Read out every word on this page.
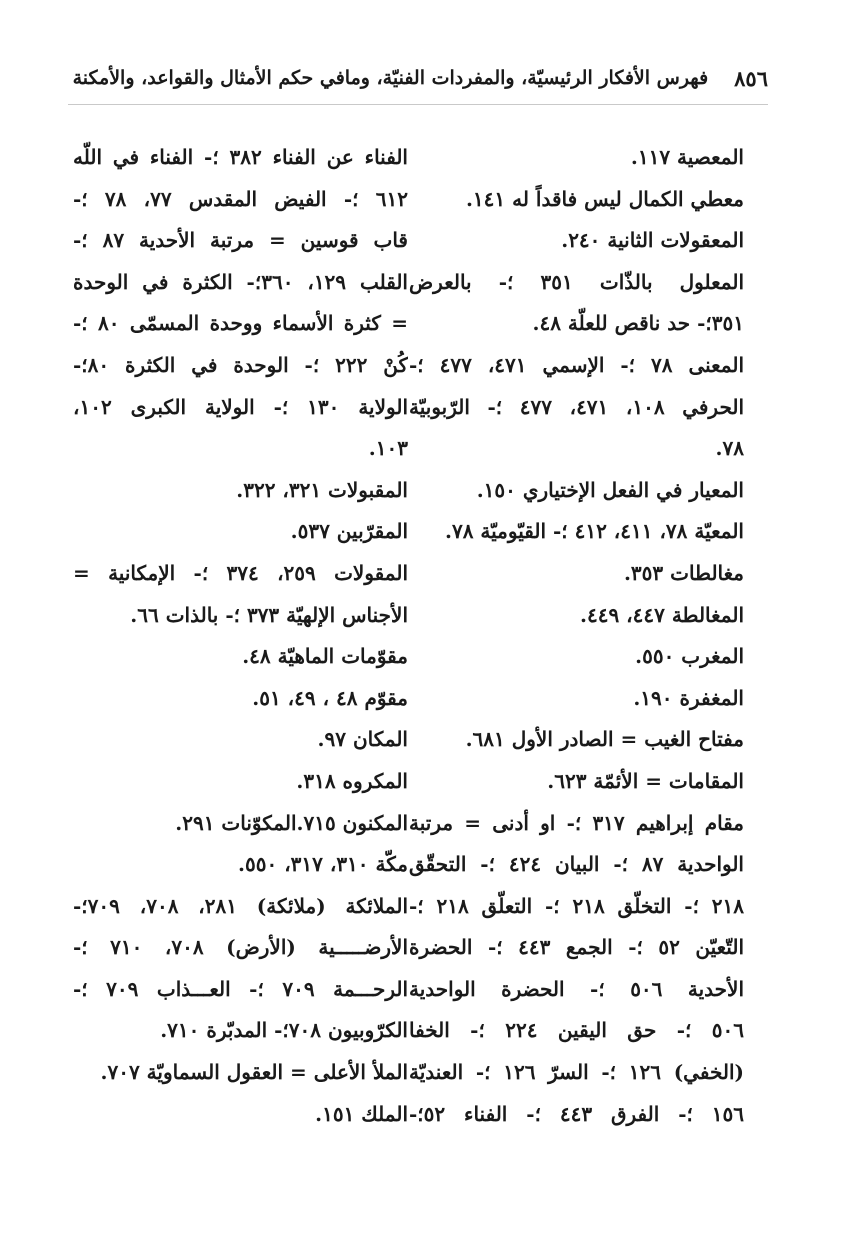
٨٥٦
فهرس الأفكار الرئيسيّة، والمفردات الفنيّة، ومافي حكم الأمثال والقواعد، والأمكنة
المعصية ١١٧.
معطي الكمال ليس فاقداً له ١٤١.
المعقولات الثانية ٢٤٠.
المعلول بالذّات ٣٥١ ؛- بالعرض
٣٥١؛- حد ناقص للعلّة ٤٨.
المعنى ٧٨ ؛- الإسمي ٤٧١، ٤٧٧ ؛-
الحرفي ١٠٨، ٤٧١، ٤٧٧ ؛- الرّبوبيّة
٧٨.
المعيار في الفعل الإختياري ١٥٠.
المعيّة ٧٨، ٤١١، ٤١٢ ؛- القيّوميّة ٧٨.
مغالطات ٣٥٣.
المغالطة ٤٤٧، ٤٤٩.
المغرب ٥٥٠.
المغفرة ١٩٠.
مفتاح الغيب = الصادر الأول ٦٨١.
المقامات = الأئمّة ٦٢٣.
مقام إبراهيم ٣١٧ ؛- او أدنى = مرتبة
الواحدية ٨٧ ؛- البيان ٤٢٤ ؛- التحقّق
٢١٨ ؛- التخلّق ٢١٨ ؛- التعلّق ٢١٨ ؛-
التّعيّن ٥٢ ؛- الجمع ٤٤٣ ؛- الحضرة
الأحدية ٥٠٦ ؛- الحضرة الواحدية
٥٠٦ ؛- حق اليقين ٢٢٤ ؛- الخفا
(الخفي) ١٢٦ ؛- السرّ ١٢٦ ؛- العنديّة
١٥٦ ؛- الفرق ٤٤٣ ؛- الفناء ٥٢؛-
الفناء عن الفناء ٣٨٢ ؛- الفناء في اللّه
٦١٢ ؛- الفيض المقدس ٧٧، ٧٨ ؛-
قاب قوسين = مرتبة الأحدية ٨٧ ؛-
القلب ١٢٩، ٣٦٠؛- الكثرة في الوحدة
= كثرة الأسماء ووحدة المسمّى ٨٠ ؛-
كُنْ ٢٢٢ ؛- الوحدة في الكثرة ٨٠؛-
الولاية ١٣٠ ؛- الولاية الكبرى ١٠٢،
١٠٣.
المقبولات ٣٢١، ٣٢٢.
المقرّبين ٥٣٧.
المقولات ٢٥٩، ٣٧٤ ؛- الإمكانية =
الأجناس الإلهيّة ٣٧٣ ؛- بالذات ٦٦.
مقوّمات الماهيّة ٤٨.
مقوّم ٤٨ ، ٤٩، ٥١.
المكان ٩٧.
المكروه ٣١٨.
المكنون ٧١٥.المكوّنات ٢٩١.
مكّة ٣١٠، ٣١٧، ٥٥٠.
الملائكة (ملائكة) ٢٨١، ٧٠٨، ٧٠٩؛-
الأرضـــــية (الأرض) ٧٠٨، ٧١٠ ؛-
الرحـــمة ٧٠٩ ؛- العـــذاب ٧٠٩ ؛-
الكرّوبيون ٧٠٨؛- المدبّرة ٧١٠.
الملأ الأعلى = العقول السماويّة ٧٠٧.
الملك ١٥١.
